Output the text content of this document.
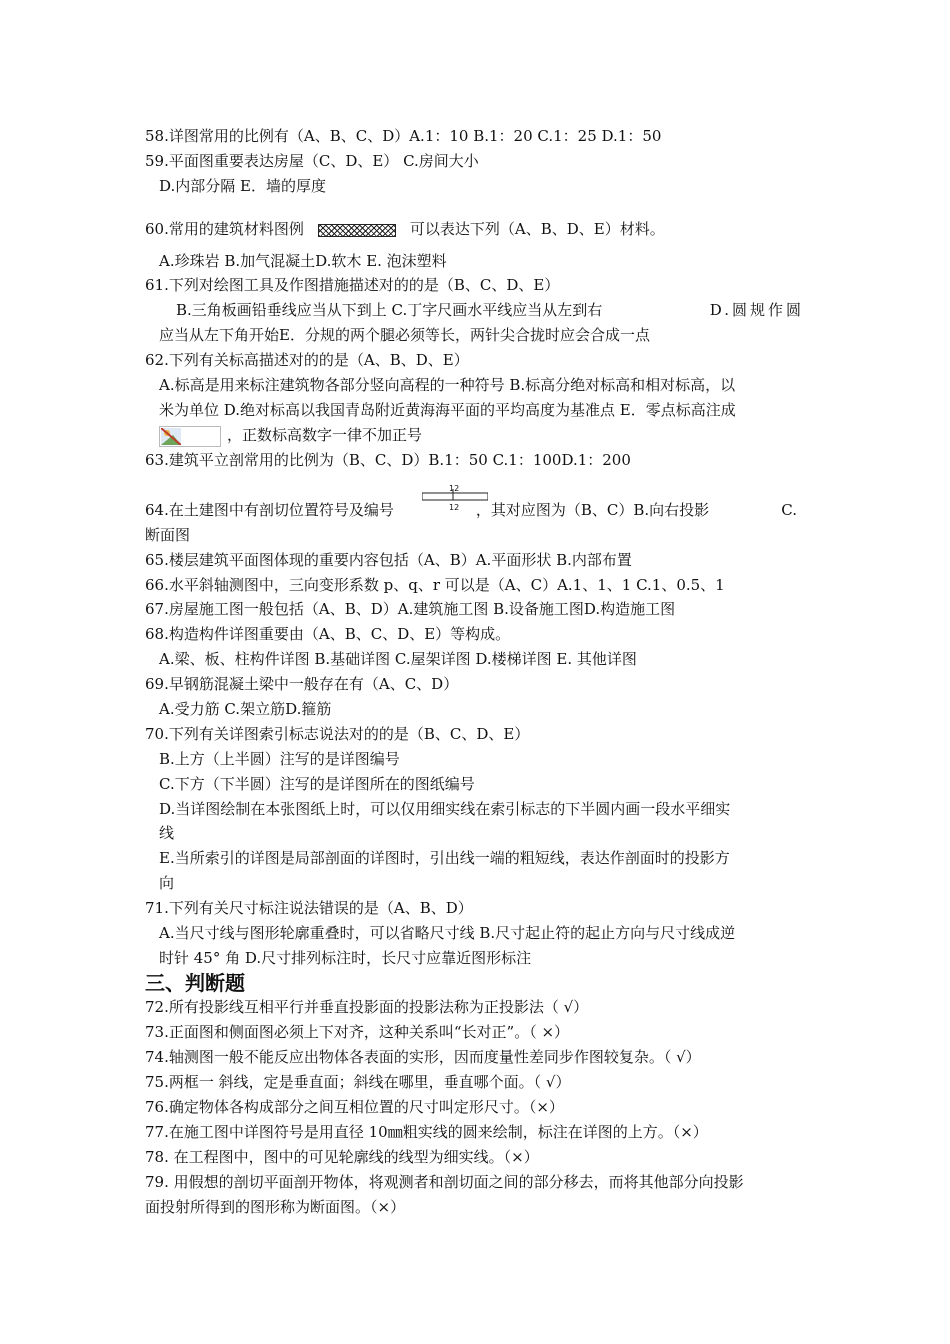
58.详图常用的比例有（A、B、C、D）A.1：10 B.1：20 C.1：25 D.1：50
59.平面图重要表达房屋（C、D、E） C.房间大小
D.内部分隔 E．墙的厚度
60.常用的建筑材料图例	可以表达下列（A、B、D、E）材料。
A.珍珠岩 B.加气混凝土D.软木 E. 泡沫塑料
61.下列对绘图工具及作图措施描述对的的是（B、C、D、E）
B.三角板画铅垂线应当从下到上 C.丁字尺画水平线应当从左到右	D.圆规作圆
应当从左下角开始E．分规的两个腿必须等长，两针尖合拢时应会合成一点
62.下列有关标高描述对的的是（A、B、D、E）
A.标高是用来标注建筑物各部分竖向高程的一种符号 B.标高分绝对标高和相对标高，以
米为单位 D.绝对标高以我国青岛附近黄海海平面的平均高度为基准点 E．零点标高注成
，正数标高数字一律不加正号
63.建筑平立剖常用的比例为（B、C、D）B.1：50 C.1：100D.1：200
12
12
64.在土建图中有剖切位置符号及编号	，其对应图为（B、C）B.向右投影	C.
断面图
65.楼层建筑平面图体现的重要内容包括（A、B）A.平面形状 B.内部布置
66.水平斜轴测图中，三向变形系数 p、q、r 可以是（A、C）A.1、1、1 C.1、0.5、1
67.房屋施工图一般包括（A、B、D）A.建筑施工图 B.设备施工图D.构造施工图
68.构造构件详图重要由（A、B、C、D、E）等构成。
A.梁、板、柱构件详图 B.基础详图 C.屋架详图 D.楼梯详图 E. 其他详图
69.早钢筋混凝土梁中一般存在有（A、C、D）
A.受力筋 C.架立筋D.箍筋
70.下列有关详图索引标志说法对的的是（B、C、D、E）
B.上方（上半圆）注写的是详图编号
C.下方（下半圆）注写的是详图所在的图纸编号
D.当详图绘制在本张图纸上时，可以仅用细实线在索引标志的下半圆内画一段水平细实
线
E.当所索引的详图是局部剖面的详图时，引出线一端的粗短线，表达作剖面时的投影方
向
71.下列有关尺寸标注说法错误的是（A、B、D）
A.当尺寸线与图形轮廓重叠时，可以省略尺寸线 B.尺寸起止符的起止方向与尺寸线成逆
时针 45° 角 D.尺寸排列标注时，长尺寸应靠近图形标注
三、判断题
72.所有投影线互相平行并垂直投影面的投影法称为正投影法（ √）
73.正面图和侧面图必须上下对齐，这种关系叫“长对正”。（ ×）
74.轴测图一般不能反应出物体各表面的实形，因而度量性差同步作图较复杂。（ √）
75.两框一 斜线，定是垂直面；斜线在哪里，垂直哪个面。（ √）
76.确定物体各构成部分之间互相位置的尺寸叫定形尺寸。（×）
77.在施工图中详图符号是用直径 10㎜粗实线的圆来绘制，标注在详图的上方。（×）
78. 在工程图中，图中的可见轮廓线的线型为细实线。（×）
79. 用假想的剖切平面剖开物体，将观测者和剖切面之间的部分移去，而将其他部分向投影
面投射所得到的图形称为断面图。（×）
